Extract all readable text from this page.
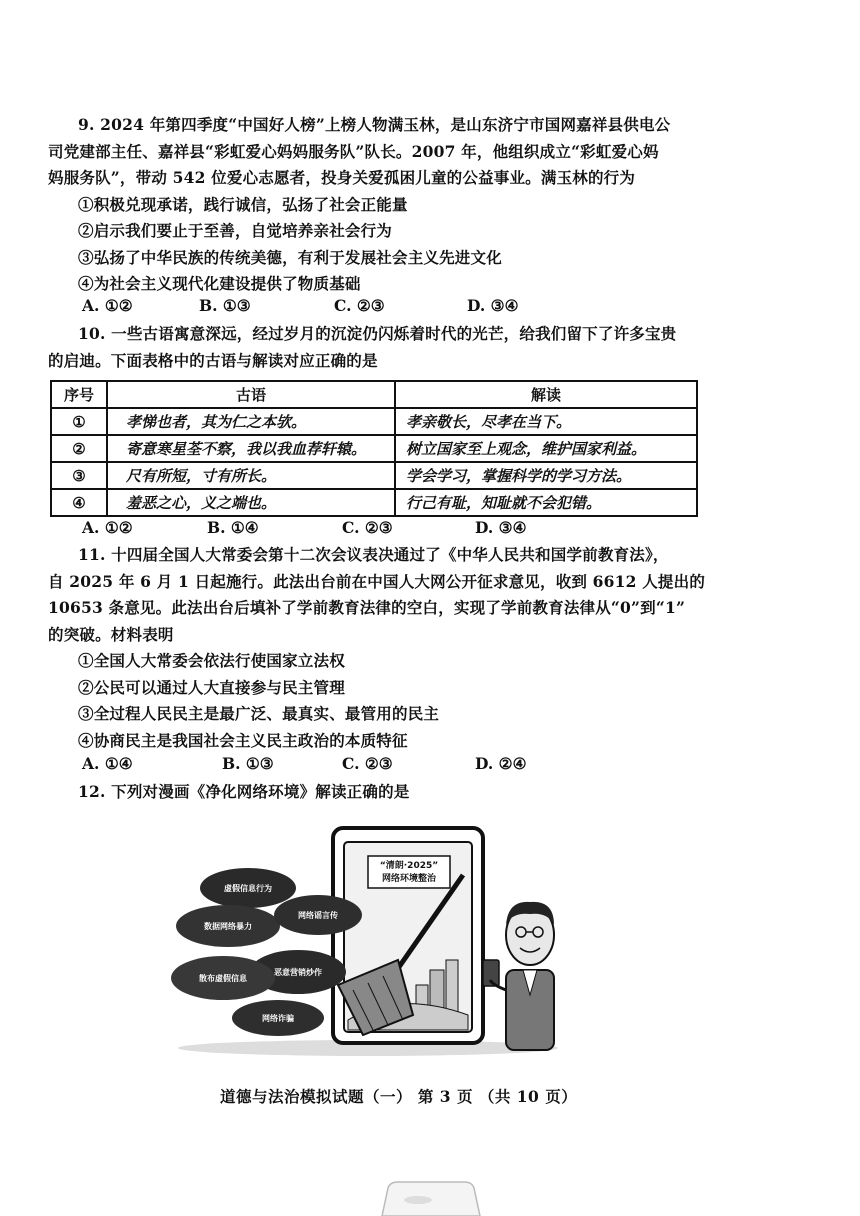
9. 2024 年第四季度“中国好人榜”上榜人物满玉林，是山东济宁市国网嘉祥县供电公
司党建部主任、嘉祥县“彩虹爱心妈妈服务队”队长。2007 年，他组织成立“彩虹爱心妈
妈服务队”，带动 542 位爱心志愿者，投身关爱孤困儿童的公益事业。满玉林的行为
①积极兑现承诺，践行诚信，弘扬了社会正能量
②启示我们要止于至善，自觉培养亲社会行为
③弘扬了中华民族的传统美德，有利于发展社会主义先进文化
④为社会主义现代化建设提供了物质基础
A. ①②	B. ①③	C. ②③	D. ③④
10. 一些古语寓意深远，经过岁月的沉淀仍闪烁着时代的光芒，给我们留下了许多宝贵
的启迪。下面表格中的古语与解读对应正确的是
序号	古语	解读
①	孝悌也者，其为仁之本欤。	孝亲敬长，尽孝在当下。
②	寄意寒星荃不察，我以我血荐轩辕。	树立国家至上观念，维护国家利益。
③	尺有所短，寸有所长。	学会学习，掌握科学的学习方法。
④	羞恶之心，义之端也。	行己有耻，知耻就不会犯错。
A. ①②	B. ①④	C. ②③	D. ③④
11. 十四届全国人大常委会第十二次会议表决通过了《中华人民共和国学前教育法》，
自 2025 年 6 月 1 日起施行。此法出台前在中国人大网公开征求意见，收到 6612 人提出的
10653 条意见。此法出台后填补了学前教育法律的空白，实现了学前教育法律从“0”到“1”
的突破。材料表明
①全国人大常委会依法行使国家立法权
②公民可以通过人大直接参与民主管理
③全过程人民民主是最广泛、最真实、最管用的民主
④协商民主是我国社会主义民主政治的本质特征
A. ①④	B. ①③	C. ②③	D. ②④
12. 下列对漫画《净化网络环境》解读正确的是
“清朗·2025”
网络环境整治
虚假信息行为
数据网络暴力
网络谣言传
恶意营销炒作
散布虚假信息
网络诈骗
道德与法治模拟试题（一） 第 3 页 （共 10 页）
